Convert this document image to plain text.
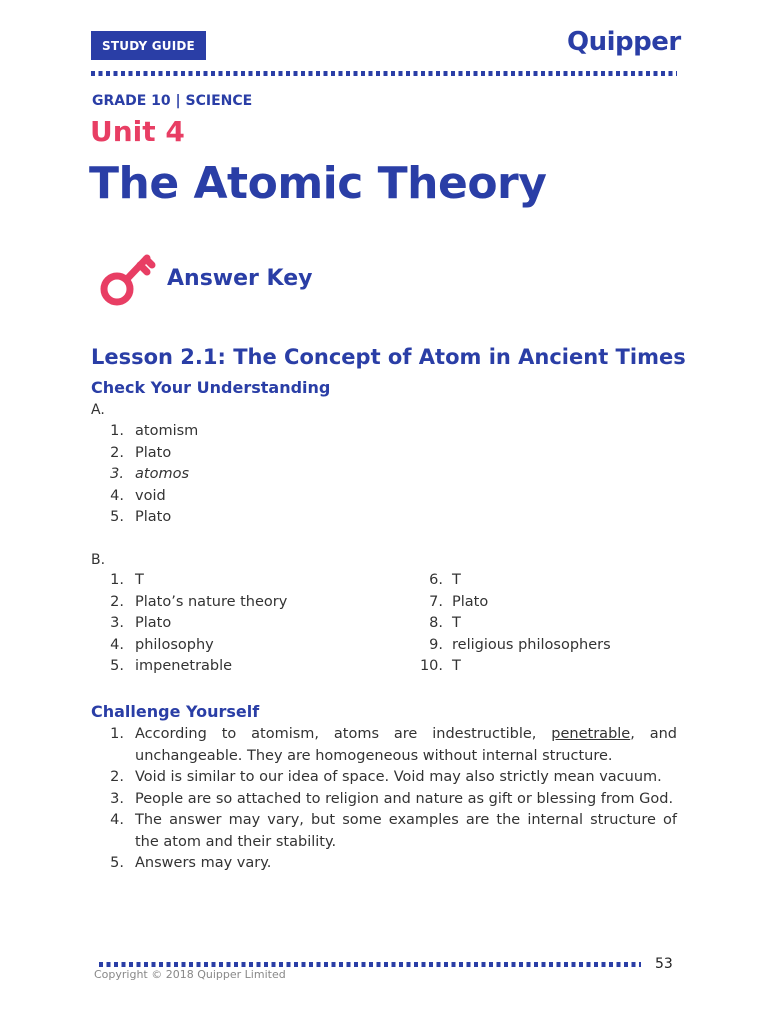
STUDY GUIDE	Quipper
GRADE 10 | SCIENCE
Unit 4
The Atomic Theory
Answer Key
Lesson 2.1: The Concept of Atom in Ancient Times
Check Your Understanding
A.
1. atomism
2. Plato
3. atomos
4. void
5. Plato
B.
1. T
2. Plato’s nature theory
3. Plato
4. philosophy
5. impenetrable
6. T
7. Plato
8. T
9. religious philosophers
10. T
Challenge Yourself
1. According to atomism, atoms are indestructible, penetrable, and unchangeable. They are homogeneous without internal structure.
2. Void is similar to our idea of space. Void may also strictly mean vacuum.
3. People are so attached to religion and nature as gift or blessing from God.
4. The answer may vary, but some examples are the internal structure of the atom and their stability.
5. Answers may vary.
53
Copyright © 2018 Quipper Limited
